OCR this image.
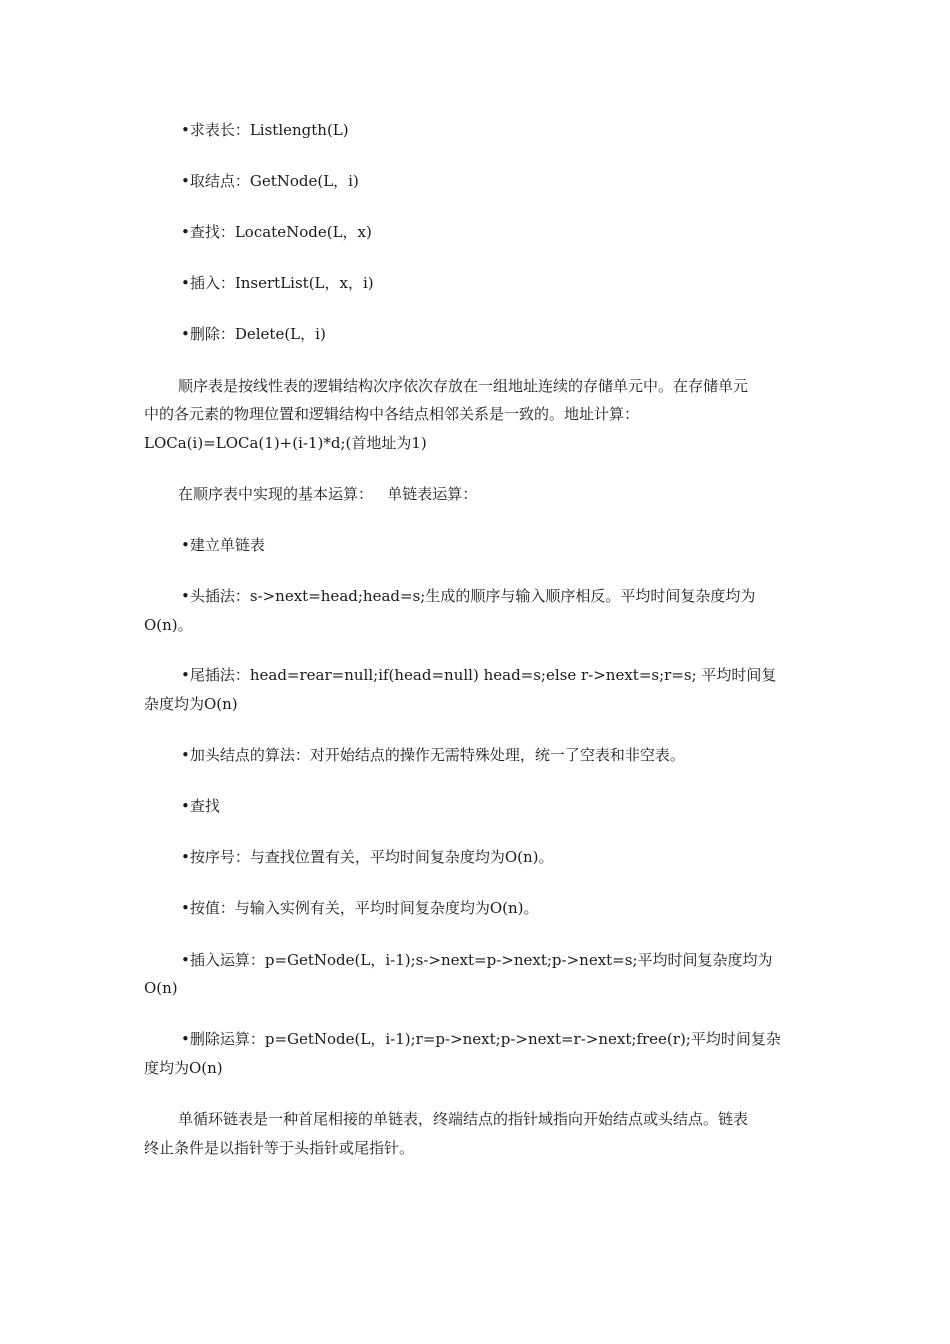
•求表长：Listlength(L)

•取结点：GetNode(L，i)

•查找：LocateNode(L，x)

•插入：InsertList(L，x，i)

•删除：Delete(L，i)

顺序表是按线性表的逻辑结构次序依次存放在一组地址连续的存储单元中。在存储单元

中的各元素的物理位置和逻辑结构中各结点相邻关系是一致的。地址计算：

LOCa(i)=LOCa(1)+(i-1)*d;(首地址为1)

在顺序表中实现的基本运算：   单链表运算：

•建立单链表

•头插法：s->next=head;head=s;生成的顺序与输入顺序相反。平均时间复杂度均为

O(n)。

•尾插法：head=rear=null;if(head=null) head=s;else r->next=s;r=s; 平均时间复

杂度均为O(n)

•加头结点的算法：对开始结点的操作无需特殊处理，统一了空表和非空表。

•查找

•按序号：与查找位置有关，平均时间复杂度均为O(n)。

•按值：与输入实例有关，平均时间复杂度均为O(n)。

•插入运算：p=GetNode(L，i-1);s->next=p->next;p->next=s;平均时间复杂度均为

O(n)

•删除运算：p=GetNode(L，i-1);r=p->next;p->next=r->next;free(r);平均时间复杂

度均为O(n)

单循环链表是一种首尾相接的单链表，终端结点的指针域指向开始结点或头结点。链表

终止条件是以指针等于头指针或尾指针。
